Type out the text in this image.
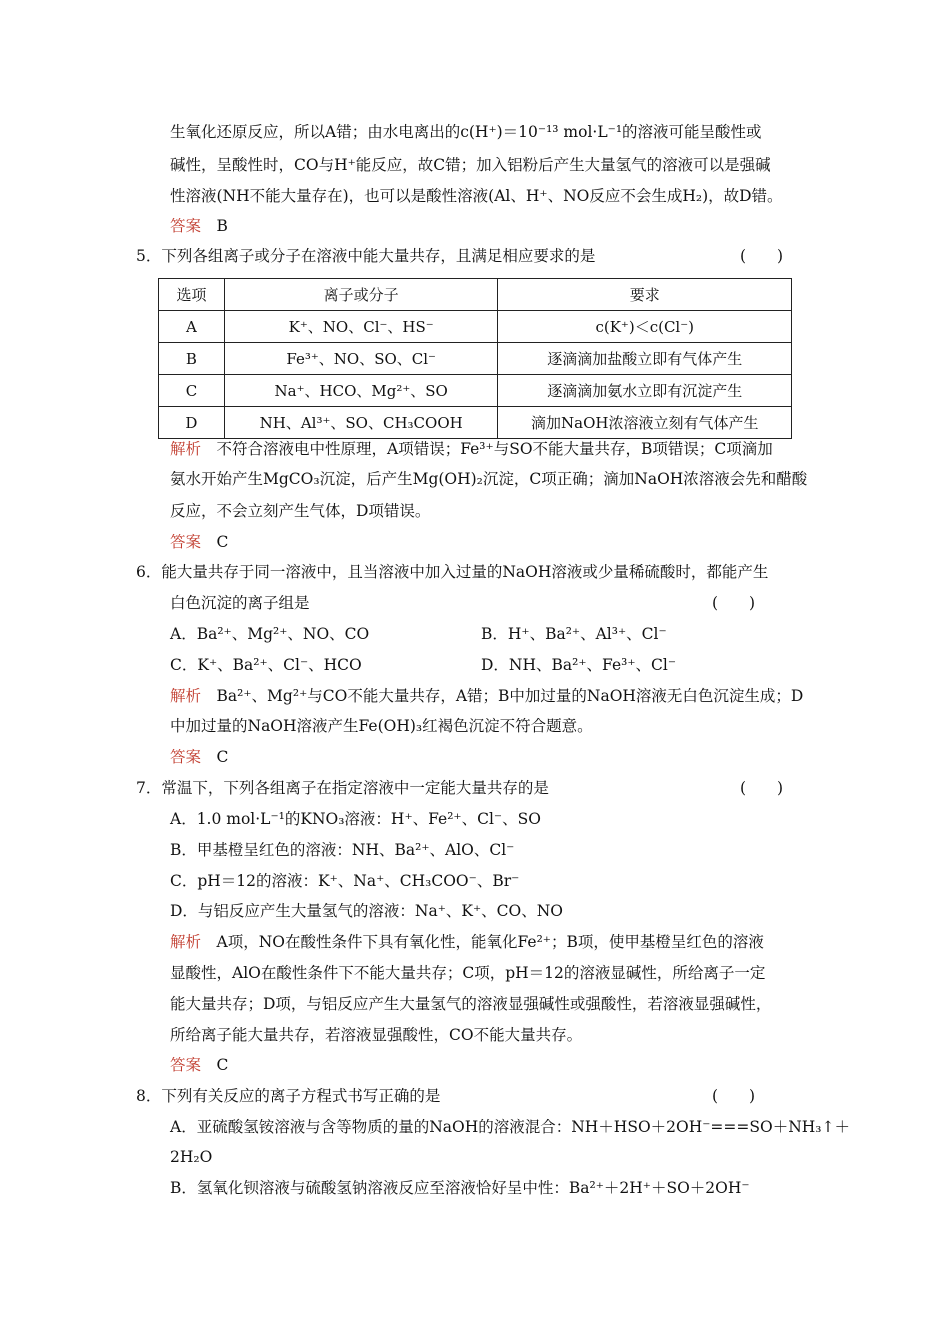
生氧化还原反应，所以A错；由水电离出的c(H⁺)＝10⁻¹³ mol·L⁻¹的溶液可能呈酸性或
碱性，呈酸性时，CO与H⁺能反应，故C错；加入铝粉后产生大量氢气的溶液可以是强碱
性溶液(NH不能大量存在)，也可以是酸性溶液(Al、H⁺、NO反应不会生成H₂)，故D错。
答案　 B
5．下列各组离子或分子在溶液中能大量共存，且满足相应要求的是	(　　)
选项	离子或分子	要求
A	K⁺、NO、Cl⁻、HS⁻	c(K⁺)＜c(Cl⁻)
B	Fe³⁺、NO、SO、Cl⁻	逐滴滴加盐酸立即有气体产生
C	Na⁺、HCO、Mg²⁺、SO	逐滴滴加氨水立即有沉淀产生
D	NH、Al³⁺、SO、CH₃COOH	滴加NaOH浓溶液立刻有气体产生
解析　 不符合溶液电中性原理，A项错误；Fe³⁺与SO不能大量共存，B项错误；C项滴加
氨水开始产生MgCO₃沉淀，后产生Mg(OH)₂沉淀，C项正确；滴加NaOH浓溶液会先和醋酸
反应，不会立刻产生气体，D项错误。
答案　 C
6．能大量共存于同一溶液中，且当溶液中加入过量的NaOH溶液或少量稀硫酸时，都能产生
白色沉淀的离子组是	(　　)
A．Ba²⁺、Mg²⁺、NO、CO	B．H⁺、Ba²⁺、Al³⁺、Cl⁻
C．K⁺、Ba²⁺、Cl⁻、HCO	D．NH、Ba²⁺、Fe³⁺、Cl⁻
解析　 Ba²⁺、Mg²⁺与CO不能大量共存，A错；B中加过量的NaOH溶液无白色沉淀生成；D
中加过量的NaOH溶液产生Fe(OH)₃红褐色沉淀不符合题意。
答案　 C
7．常温下，下列各组离子在指定溶液中一定能大量共存的是	(　　)
A．1.0 mol·L⁻¹的KNO₃溶液：H⁺、Fe²⁺、Cl⁻、SO
B．甲基橙呈红色的溶液：NH、Ba²⁺、AlO、Cl⁻
C．pH＝12的溶液：K⁺、Na⁺、CH₃COO⁻、Br⁻
D．与铝反应产生大量氢气的溶液：Na⁺、K⁺、CO、NO
解析　 A项，NO在酸性条件下具有氧化性，能氧化Fe²⁺；B项，使甲基橙呈红色的溶液
显酸性，AlO在酸性条件下不能大量共存；C项，pH＝12的溶液显碱性，所给离子一定
能大量共存；D项，与铝反应产生大量氢气的溶液显强碱性或强酸性，若溶液显强碱性，
所给离子能大量共存，若溶液显强酸性，CO不能大量共存。
答案　 C
8．下列有关反应的离子方程式书写正确的是	(　　)
A．亚硫酸氢铵溶液与含等物质的量的NaOH的溶液混合：NH＋HSO＋2OH⁻===SO＋NH₃↑＋
2H₂O
B．氢氧化钡溶液与硫酸氢钠溶液反应至溶液恰好呈中性：Ba²⁺＋2H⁺＋SO＋2OH⁻
